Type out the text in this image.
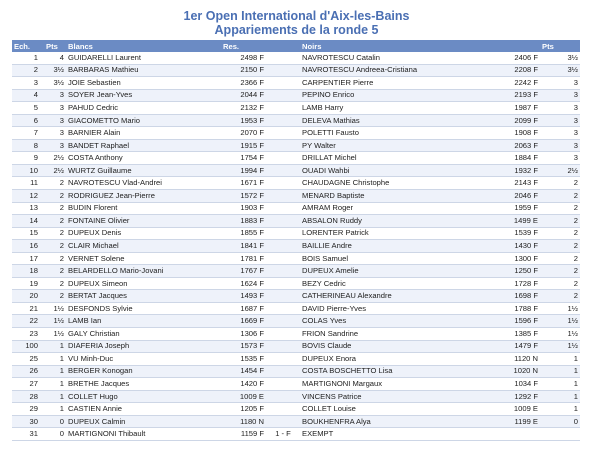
1er Open International d'Aix-les-Bains
Appariements de la ronde 5
Ech.	Pts	Blancs	Res.		Noirs		Pts
1	4	GUIDARELLI Laurent	2498 F		NAVROTESCU Catalin	2406 F	3½
2	3½	BARBARAS Mathieu	2150 F		NAVROTESCU Andreea-Cristiana	2208 F	3½
3	3½	JOIE Sebastien	2366 F		CARPENTIER Pierre	2242 F	3
4	3	SOYER Jean-Yves	2044 F		PEPINO Enrico	2193 F	3
5	3	PAHUD Cedric	2132 F		LAMB Harry	1987 F	3
6	3	GIACOMETTO Mario	1953 F		DELEVA Mathias	2099 F	3
7	3	BARNIER Alain	2070 F		POLETTI Fausto	1908 F	3
8	3	BANDET Raphael	1915 F		PY Walter	2063 F	3
9	2½	COSTA Anthony	1754 F		DRILLAT Michel	1884 F	3
10	2½	WURTZ Guillaume	1994 F		OUADI Wahbi	1932 F	2½
11	2	NAVROTESCU Vlad-Andrei	1671 F		CHAUDAGNE Christophe	2143 F	2
12	2	RODRIGUEZ Jean-Pierre	1572 F		MENARD Baptiste	2046 F	2
13	2	BUDIN Florent	1903 F		AMRAM Roger	1959 F	2
14	2	FONTAINE Olivier	1883 F		ABSALON Ruddy	1499 E	2
15	2	DUPEUX Denis	1855 F		LORENTER Patrick	1539 F	2
16	2	CLAIR Michael	1841 F		BAILLIE Andre	1430 F	2
17	2	VERNET Solene	1781 F		BOIS Samuel	1300 F	2
18	2	BELARDELLO Mario-Jovani	1767 F		DUPEUX Amelie	1250 F	2
19	2	DUPEUX Simeon	1624 F		BEZY Cedric	1728 F	2
20	2	BERTAT Jacques	1493 F		CATHERINEAU Alexandre	1698 F	2
21	1½	DESFONDS Sylvie	1687 F		DAVID Pierre-Yves	1788 F	1½
22	1½	LAMB Ian	1669 F		COLAS Yves	1596 F	1½
23	1½	GALY Christian	1306 F		FRION Sandrine	1385 F	1½
100	1	DIAFERIA Joseph	1573 F		BOVIS Claude	1479 F	1½
25	1	VU Minh-Duc	1535 F		DUPEUX Enora	1120 N	1
26	1	BERGER Konogan	1454 F		COSTA BOSCHETTO Lisa	1020 N	1
27	1	BRETHE Jacques	1420 F		MARTIGNONI Margaux	1034 F	1
28	1	COLLET Hugo	1009 E		VINCENS Patrice	1292 F	1
29	1	CASTIEN Annie	1205 F		COLLET Louise	1009 E	1
30	0	DUPEUX Calmin	1180 N		BOUKHENFRA Alya	1199 E	0
31	0	MARTIGNONI Thibault	1159 F	1 - F	EXEMPT		
